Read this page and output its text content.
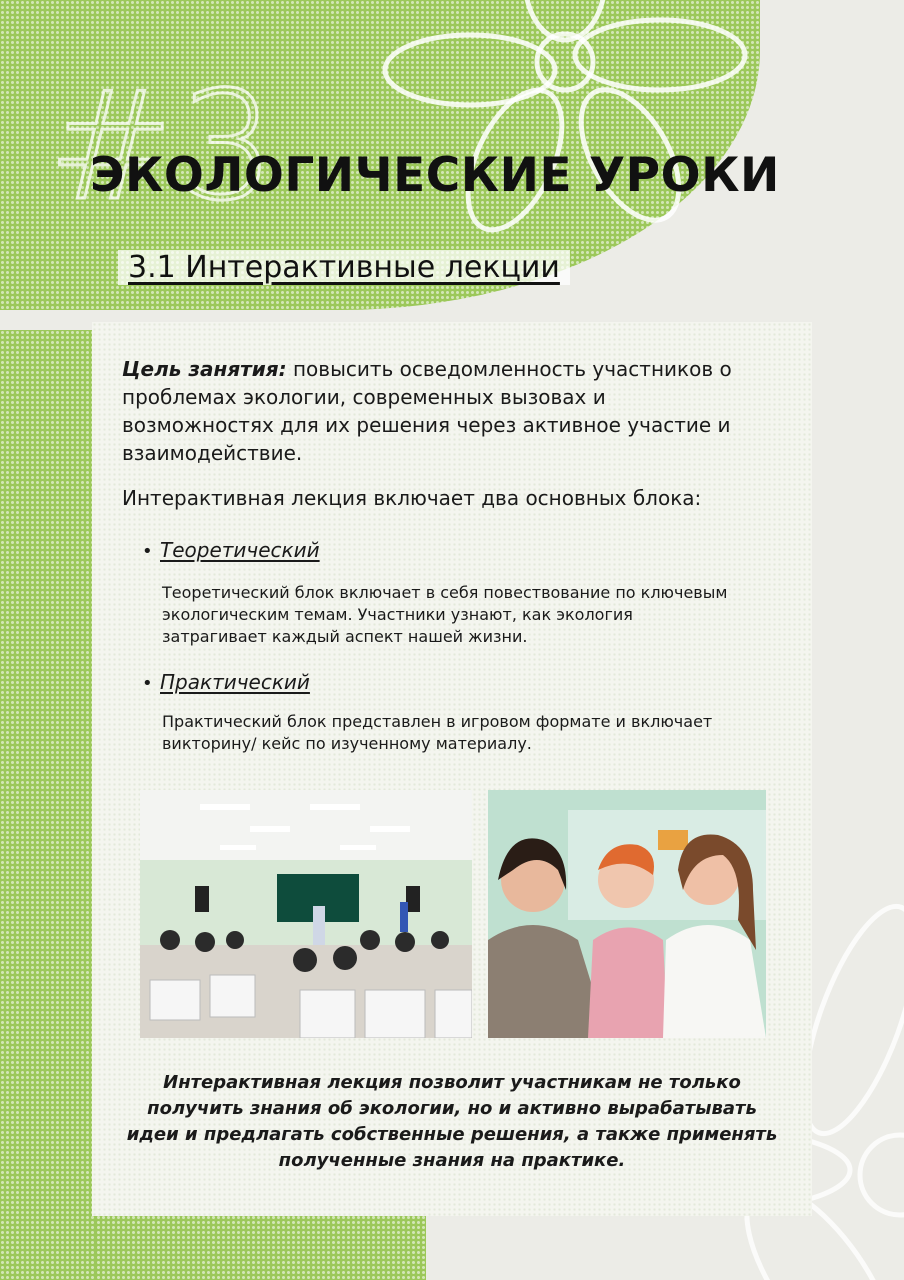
#3
ЭКОЛОГИЧЕСКИЕ УРОКИ
3.1 Интерактивные лекции
Цель занятия: повысить осведомленность участников о проблемах экологии, современных вызовах и возможностях для их решения через активное участие и взаимодействие.
Интерактивная лекция включает два основных блока:
• Теоретический
Теоретический блок включает в себя повествование по ключевым экологическим темам. Участники узнают, как экология затрагивает каждый аспект нашей жизни.
• Практический
Практический блок представлен в игровом формате и включает викторину/ кейс по изученному материалу.
Интерактивная лекция позволит участникам не только получить знания об экологии, но и активно вырабатывать идеи и предлагать собственные решения, а также применять полученные знания на практике.
